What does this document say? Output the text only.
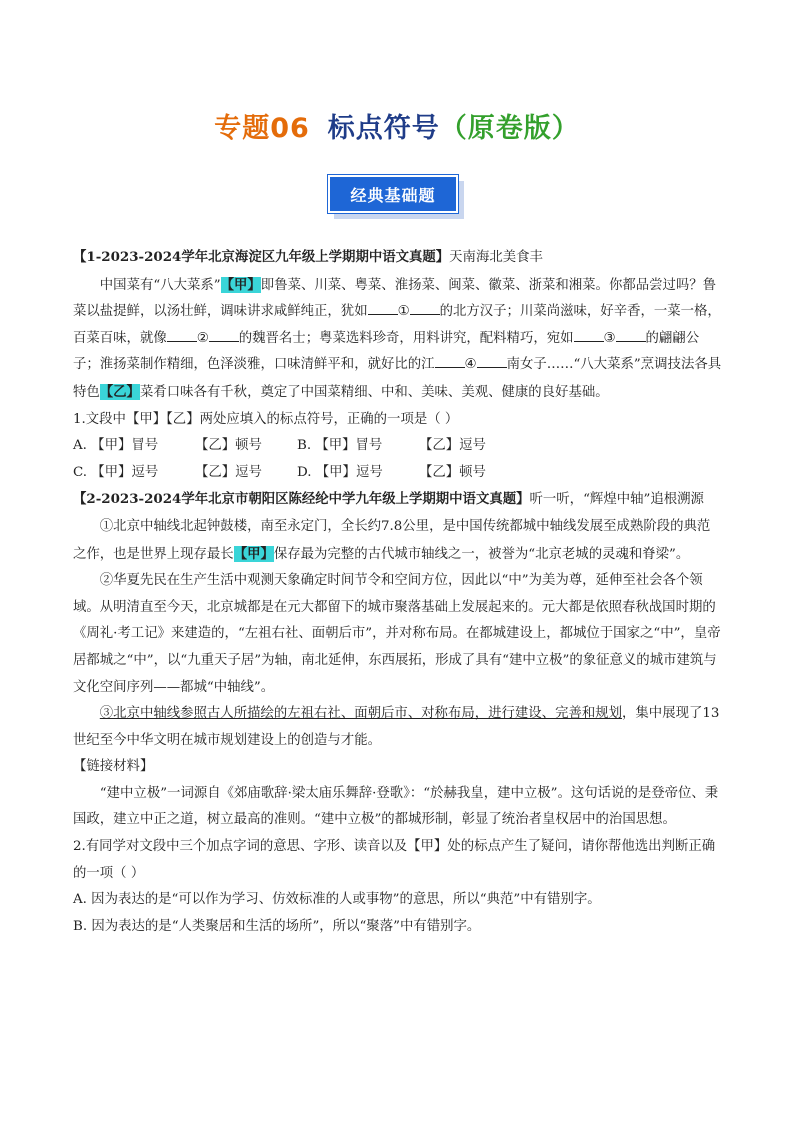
专题06 标点符号（原卷版）
经典基础题

【1-2023-2024学年北京海淀区九年级上学期期中语文真题】天南海北美食丰

中国菜有“八大菜系”【甲】即鲁菜、川菜、粤菜、淮扬菜、闽菜、徽菜、浙菜和湘菜。你都品尝过吗？鲁菜以盐提鲜，以汤壮鲜，调味讲求咸鲜纯正，犹如 ① 的北方汉子；川菜尚滋味，好辛香，一菜一格，百菜百味，就像 ② 的魏晋名士；粤菜选料珍奇，用料讲究，配料精巧，宛如 ③ 的翩翩公子；淮扬菜制作精细，色泽淡雅，口味清鲜平和，就好比的江 ④ 南女子……“八大菜系”烹调技法各具特色【乙】菜肴口味各有千秋，奠定了中国菜精细、中和、美味、美观、健康的良好基础。

1.文段中【甲】【乙】两处应填入的标点符号，正确的一项是（ ）

A. 【甲】冒号	【乙】顿号	B. 【甲】冒号	【乙】逗号
C. 【甲】逗号	【乙】逗号	D. 【甲】逗号	【乙】顿号

【2-2023-2024学年北京市朝阳区陈经纶中学九年级上学期期中语文真题】听一听，“辉煌中轴”追根溯源

①北京中轴线北起钟鼓楼，南至永定门，全长约7.8公里，是中国传统都城中轴线发展至成熟阶段的典范之作，也是世界上现存最长【甲】保存最为完整的古代城市轴线之一，被誉为“北京老城的灵魂和脊梁”。

②华夏先民在生产生活中观测天象确定时间节令和空间方位，因此以“中”为美为尊，延伸至社会各个领域。从明清直至今天，北京城都是在元大都留下的城市聚落基础上发展起来的。元大都是依照春秋战国时期的《周礼·考工记》来建造的，“左祖右社、面朝后市”，并对称布局。在都城建设上，都城位于国家之“中”，皇帝居都城之“中”，以“九重天子居”为轴，南北延伸，东西展拓，形成了具有“建中立极”的象征意义的城市建筑与文化空间序列——都城“中轴线”。

③北京中轴线参照古人所描绘的左祖右社、面朝后市、对称布局，进行建设、完善和规划，集中展现了13世纪至今中华文明在城市规划建设上的创造与才能。

【链接材料】

“建中立极”一词源自《郊庙歌辞·梁太庙乐舞辞·登歌》：“於赫我皇，建中立极”。这句话说的是登帝位、秉国政，建立中正之道，树立最高的准则。“建中立极”的都城形制，彰显了统治者皇权居中的治国思想。

2.有同学对文段中三个加点字词的意思、字形、读音以及【甲】处的标点产生了疑问，请你帮他选出判断正确的一项（ ）

A. 因为表达的是“可以作为学习、仿效标准的人或事物”的意思，所以“典范”中有错别字。

B. 因为表达的是“人类聚居和生活的场所”，所以“聚落”中有错别字。
